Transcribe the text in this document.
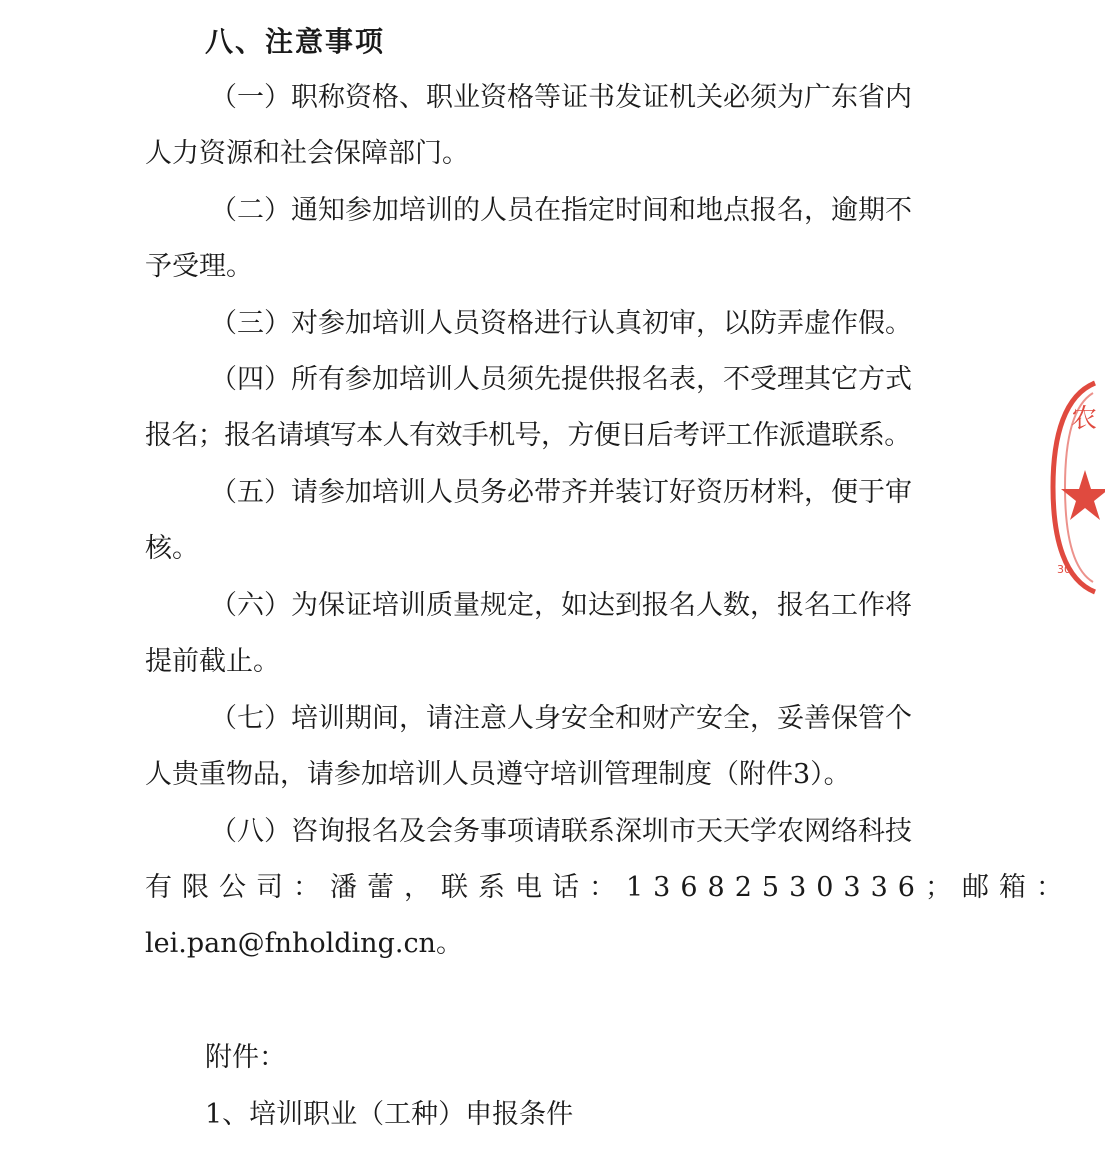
八、注意事项
（一）职称资格、职业资格等证书发证机关必须为广东省内
人力资源和社会保障部门。
（二）通知参加培训的人员在指定时间和地点报名，逾期不
予受理。
（三）对参加培训人员资格进行认真初审，以防弄虚作假。
（四）所有参加培训人员须先提供报名表，不受理其它方式
报名；报名请填写本人有效手机号，方便日后考评工作派遣联系。
（五）请参加培训人员务必带齐并装订好资历材料，便于审
核。
（六）为保证培训质量规定，如达到报名人数，报名工作将
提前截止。
（七）培训期间，请注意人身安全和财产安全，妥善保管个
人贵重物品，请参加培训人员遵守培训管理制度（附件3）。
（八）咨询报名及会务事项请联系深圳市天天学农网络科技
有限公司：潘蕾，联系电话：13682530336；邮箱：
lei.pan@fnholding.cn。
附件：
1、培训职业（工种）申报条件
农
30
